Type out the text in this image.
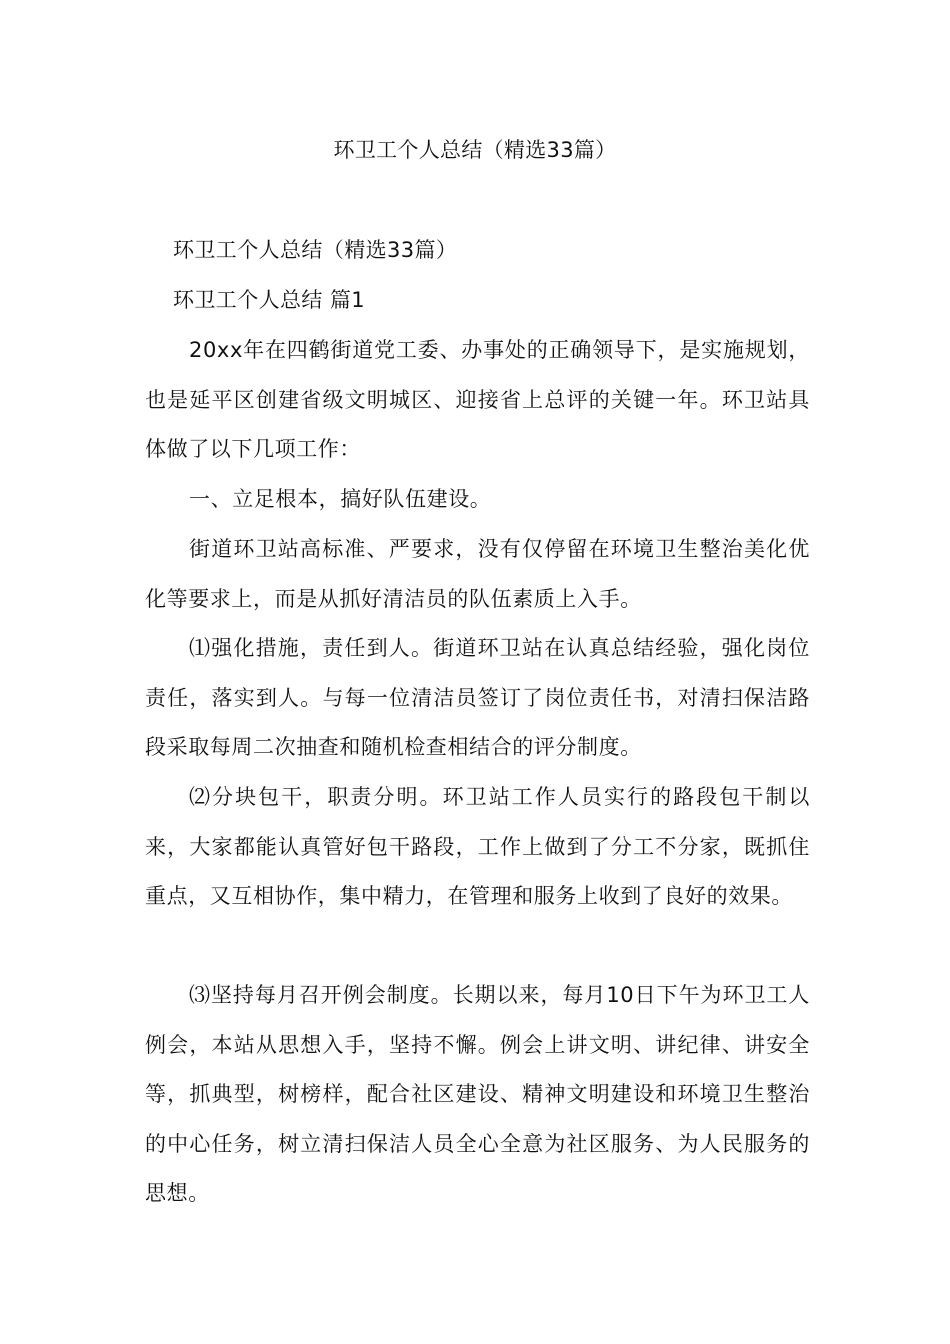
环卫工个人总结（精选33篇）
环卫工个人总结（精选33篇）
环卫工个人总结 篇1
20xx年在四鹤街道党工委、办事处的正确领导下，是实施规划，也是延平区创建省级文明城区、迎接省上总评的关键一年。环卫站具体做了以下几项工作：
一、立足根本，搞好队伍建设。
街道环卫站高标准、严要求，没有仅停留在环境卫生整治美化优化等要求上，而是从抓好清洁员的队伍素质上入手。
⑴强化措施，责任到人。街道环卫站在认真总结经验，强化岗位责任，落实到人。与每一位清洁员签订了岗位责任书，对清扫保洁路段采取每周二次抽查和随机检查相结合的评分制度。
⑵分块包干，职责分明。环卫站工作人员实行的路段包干制以来，大家都能认真管好包干路段，工作上做到了分工不分家，既抓住重点，又互相协作，集中精力，在管理和服务上收到了良好的效果。
⑶坚持每月召开例会制度。长期以来，每月10日下午为环卫工人例会，本站从思想入手，坚持不懈。例会上讲文明、讲纪律、讲安全等，抓典型，树榜样，配合社区建设、精神文明建设和环境卫生整治的中心任务，树立清扫保洁人员全心全意为社区服务、为人民服务的思想。
